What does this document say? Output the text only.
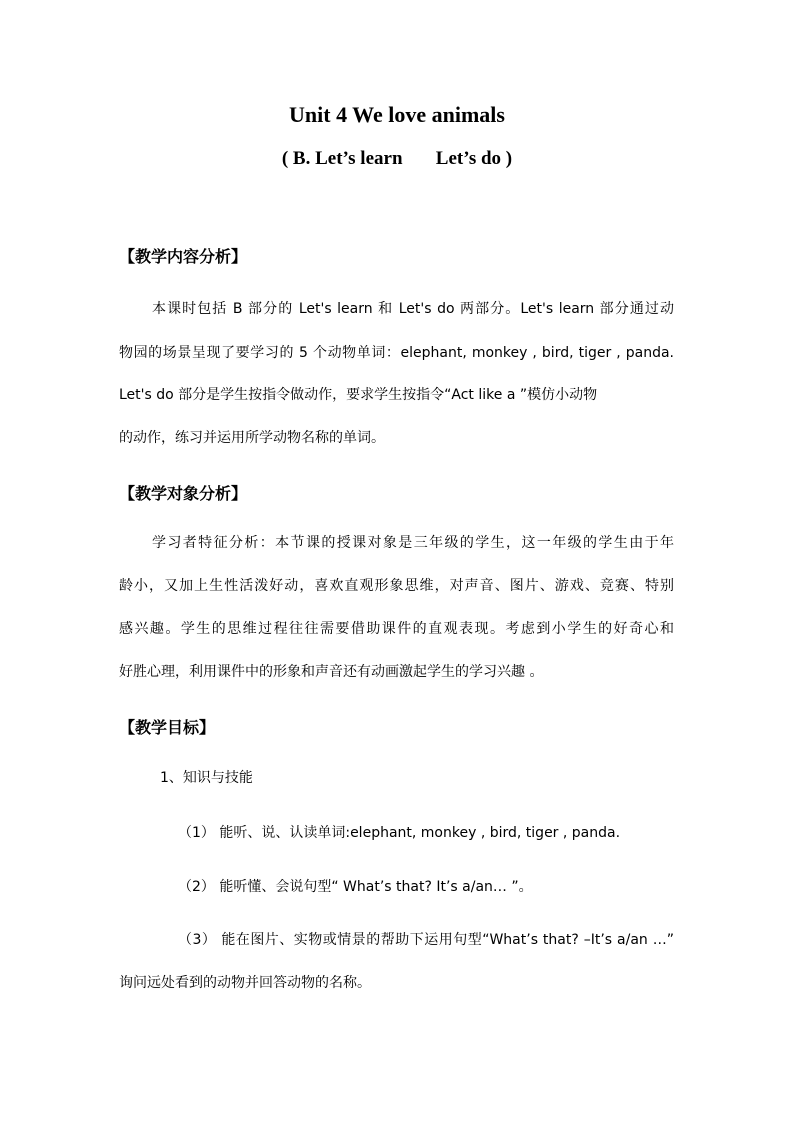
Unit 4 We love animals
( B. Let’s learn       Let’s do )
【教学内容分析】
本课时包括 B 部分的 Let's learn 和 Let's do 两部分。Let's learn 部分通过动
物园的场景呈现了要学习的 5 个动物单词：elephant, monkey , bird, tiger , panda.
Let's do 部分是学生按指令做动作，要求学生按指令“Act like a ”模仿小动物
的动作，练习并运用所学动物名称的单词。
【教学对象分析】
学习者特征分析：本节课的授课对象是三年级的学生，这一年级的学生由于年
龄小，又加上生性活泼好动，喜欢直观形象思维，对声音、图片、游戏、竞赛、特别
感兴趣。学生的思维过程往往需要借助课件的直观表现。考虑到小学生的好奇心和
好胜心理，利用课件中的形象和声音还有动画激起学生的学习兴趣 。
【教学目标】
1、知识与技能
（1） 能听、说、认读单词:elephant, monkey , bird, tiger , panda.
（2） 能听懂、会说句型“ What’s that? It’s a/an… ”。
（3） 能在图片、实物或情景的帮助下运用句型“What’s that? –It’s a/an …”
询问远处看到的动物并回答动物的名称。
